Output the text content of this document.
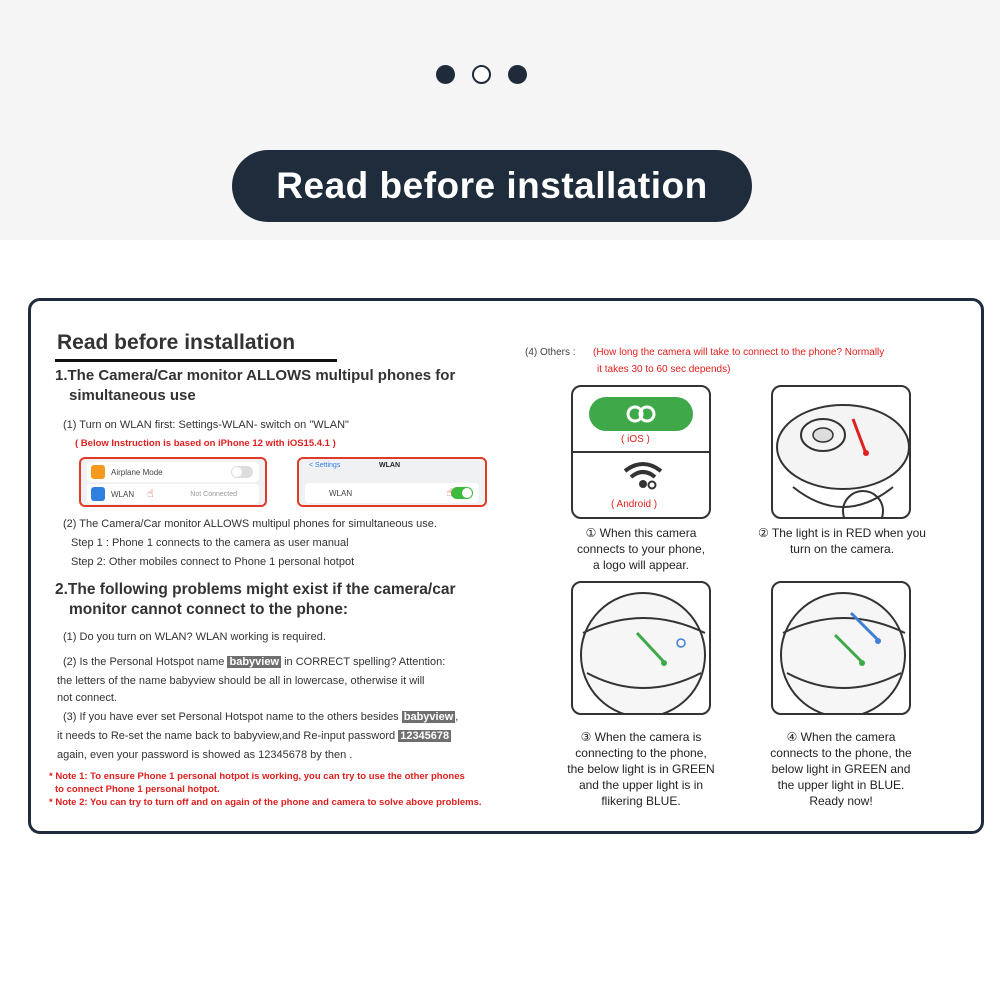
Read before installation
Read before installation
1.The Camera/Car monitor ALLOWS multipul phones for
simultaneous use
(1) Turn on WLAN first: Settings-WLAN- switch on "WLAN"
( Below Instruction is based on iPhone 12 with iOS15.4.1 )
Airplane Mode
WLAN	Not Connected
☝
< Settings	WLAN
WLAN	☝
(2) The Camera/Car monitor ALLOWS multipul phones for simultaneous use.
Step 1 : Phone 1 connects to the camera as user manual
Step 2: Other mobiles connect to Phone 1 personal hotpot
2.The following problems might exist if the camera/car
monitor cannot connect to the phone:
(1) Do you turn on WLAN? WLAN working is required.
(2) Is the Personal Hotspot name babyview in CORRECT spelling? Attention:
the letters of the name babyview should be all in lowercase, otherwise it will
not connect.
(3) If you have ever set Personal Hotspot name to the others besides babyview ,
it needs to Re-set the name back to babyview,and Re-input password 12345678
again, even your password is showed as 12345678 by then .
* Note 1: To ensure Phone 1 personal hotpot is working, you can try to use the other phones
to connect Phone 1 personal hotpot.
* Note 2: You can try to turn off and on again of the phone and camera to solve above problems.
(4) Others : (How long the camera will take to connect to the phone? Normally
it takes 30 to 60 sec depends)
( iOS )
( Android )
① When this camera
connects to your phone,
a logo will appear.
② The light is in RED when you
turn on the camera.
③ When the camera is
connecting to the phone,
the below light is in GREEN
and the upper light is in
flikering BLUE.
④ When the camera
connects to the phone, the
below light in GREEN and
the upper light in BLUE.
Ready now!
